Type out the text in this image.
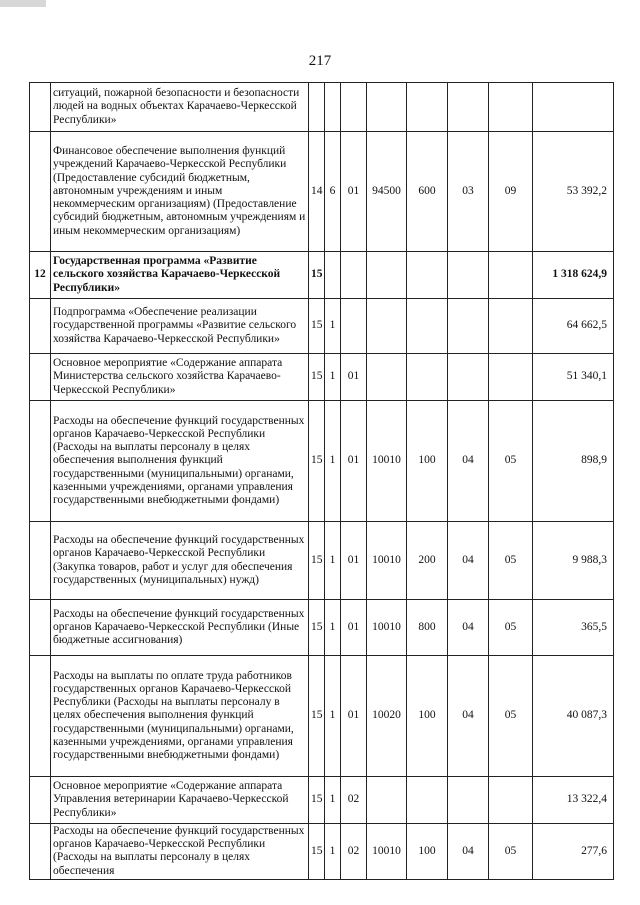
217
	ситуаций, пожарной безопасности и безопасности людей на водных объектах Карачаево-Черкесской Республики»								
	Финансовое обеспечение выполнения функций учреждений Карачаево-Черкесской Республики (Предоставление субсидий бюджетным, автономным учреждениям и иным некоммерческим организациям) (Предоставление субсидий бюджетным, автономным учреждениям и иным некоммерческим организациям)	14	6	01	94500	600	03	09	53 392,2
12	Государственная программа «Развитие сельского хозяйства Карачаево-Черкесской Республики»	15							1 318 624,9
	Подпрограмма «Обеспечение реализации государственной программы «Развитие сельского хозяйства Карачаево-Черкесской Республики»	15	1						64 662,5
	Основное мероприятие «Содержание аппарата Министерства сельского хозяйства Карачаево-Черкесской Республики»	15	1	01					51 340,1
	Расходы на обеспечение функций государственных органов Карачаево-Черкесской Республики (Расходы на выплаты персоналу в целях обеспечения выполнения функций государственными (муниципальными) органами, казенными учреждениями, органами управления государственными внебюджетными фондами)	15	1	01	10010	100	04	05	898,9
	Расходы на обеспечение функций государственных органов Карачаево-Черкесской Республики (Закупка товаров, работ и услуг для обеспечения государственных (муниципальных) нужд)	15	1	01	10010	200	04	05	9 988,3
	Расходы на обеспечение функций государственных органов Карачаево-Черкесской Республики (Иные бюджетные ассигнования)	15	1	01	10010	800	04	05	365,5
	Расходы на выплаты по оплате труда работников государственных органов Карачаево-Черкесской Республики (Расходы на выплаты персоналу в целях обеспечения выполнения функций государственными (муниципальными) органами, казенными учреждениями, органами управления государственными внебюджетными фондами)	15	1	01	10020	100	04	05	40 087,3
	Основное мероприятие «Содержание аппарата Управления ветеринарии Карачаево-Черкесской Республики»	15	1	02					13 322,4
	Расходы на обеспечение функций государственных органов Карачаево-Черкесской Республики (Расходы на выплаты персоналу в целях обеспечения	15	1	02	10010	100	04	05	277,6
